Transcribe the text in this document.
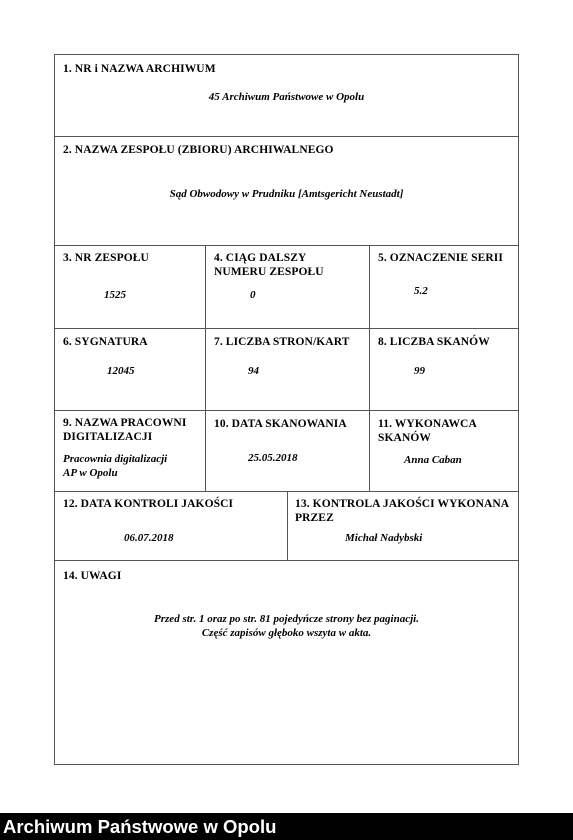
1. NR i NAZWA ARCHIWUM
45 Archiwum Państwowe w Opolu
2. NAZWA ZESPOŁU (ZBIORU) ARCHIWALNEGO
Sąd Obwodowy w Prudniku [Amtsgericht Neustadt]
3. NR ZESPOŁU
1525
4. CIĄG DALSZY
NUMERU ZESPOŁU
0
5. OZNACZENIE SERII
5.2
6. SYGNATURA
12045
7. LICZBA STRON/KART
94
8. LICZBA SKANÓW
99
9. NAZWA PRACOWNI
DIGITALIZACJI
Pracownia digitalizacji
AP w Opolu
10. DATA SKANOWANIA
25.05.2018
11. WYKONAWCA
SKANÓW
Anna Caban
12. DATA KONTROLI JAKOŚCI
06.07.2018
13. KONTROLA JAKOŚCI WYKONANA
PRZEZ
Michał Nadybski
14. UWAGI
Przed str. 1 oraz po str. 81 pojedyńcze strony bez paginacji.
Część zapisów głęboko wszyta w akta.
Archiwum Państwowe w Opolu
